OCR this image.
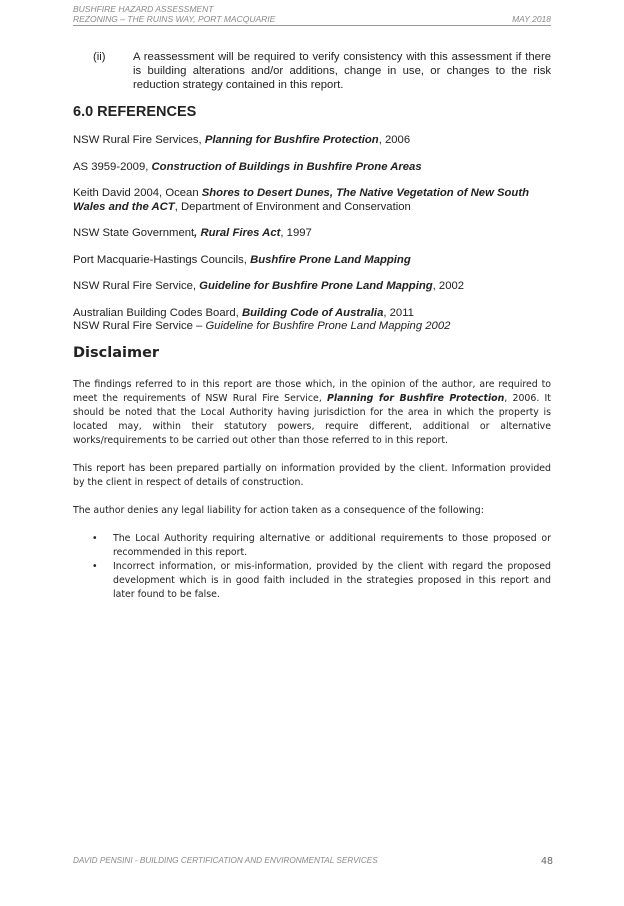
BUSHFIRE HAZARD ASSESSMENT
REZONING – THE RUINS WAY, PORT MACQUARIE	MAY 2018
(ii) A reassessment will be required to verify consistency with this assessment if there is building alterations and/or additions, change in use, or changes to the risk reduction strategy contained in this report.
6.0 REFERENCES

NSW Rural Fire Services, Planning for Bushfire Protection, 2006

AS 3959-2009, Construction of Buildings in Bushfire Prone Areas

Keith David 2004, Ocean Shores to Desert Dunes, The Native Vegetation of New South Wales and the ACT, Department of Environment and Conservation

NSW State Government, Rural Fires Act, 1997

Port Macquarie-Hastings Councils, Bushfire Prone Land Mapping

NSW Rural Fire Service, Guideline for Bushfire Prone Land Mapping, 2002

Australian Building Codes Board, Building Code of Australia, 2011

NSW Rural Fire Service – Guideline for Bushfire Prone Land Mapping 2002

Disclaimer
The findings referred to in this report are those which, in the opinion of the author, are required to meet the requirements of NSW Rural Fire Service, Planning for Bushfire Protection, 2006. It should be noted that the Local Authority having jurisdiction for the area in which the property is located may, within their statutory powers, require different, additional or alternative works/requirements to be carried out other than those referred to in this report.
This report has been prepared partially on information provided by the client. Information provided by the client in respect of details of construction.
The author denies any legal liability for action taken as a consequence of the following:
• The Local Authority requiring alternative or additional requirements to those proposed or recommended in this report.
• Incorrect information, or mis-information, provided by the client with regard the proposed development which is in good faith included in the strategies proposed in this report and later found to be false.
DAVID PENSINI - BUILDING CERTIFICATION AND ENVIRONMENTAL SERVICES	48
